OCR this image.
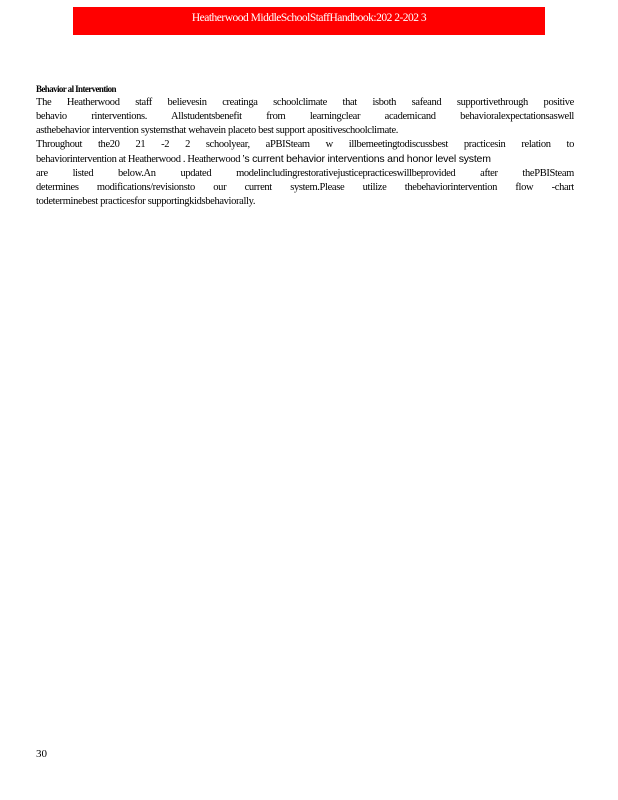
Heatherwood MiddleSchoolStaffHandbook:202 2-202 3
Behavior al Intervention
The Heatherwood staff believesin creatinga schoolclimate that isboth safeand supportivethrough positive
behavio rinterventions. Allstudentsbenefit from learningclear academicand behavioralexpectationsaswell
asthebehavior intervention systemsthat wehavein placeto best support apositiveschoolclimate.
Throughout the20 21 -2 2 schoolyear, aPBISteam w illbemeetingtodiscussbest practicesin relation to
behaviorintervention at Heatherwood . Heatherwood ’s current behavior interventions and honor level system
are listed below.An updated modelincludingrestorativejusticepracticeswillbeprovided after thePBISteam
determines modifications/revisionsto our current system.Please utilize thebehaviorintervention flow -chart
todeterminebest practicesfor supportingkidsbehaviorally.
30
